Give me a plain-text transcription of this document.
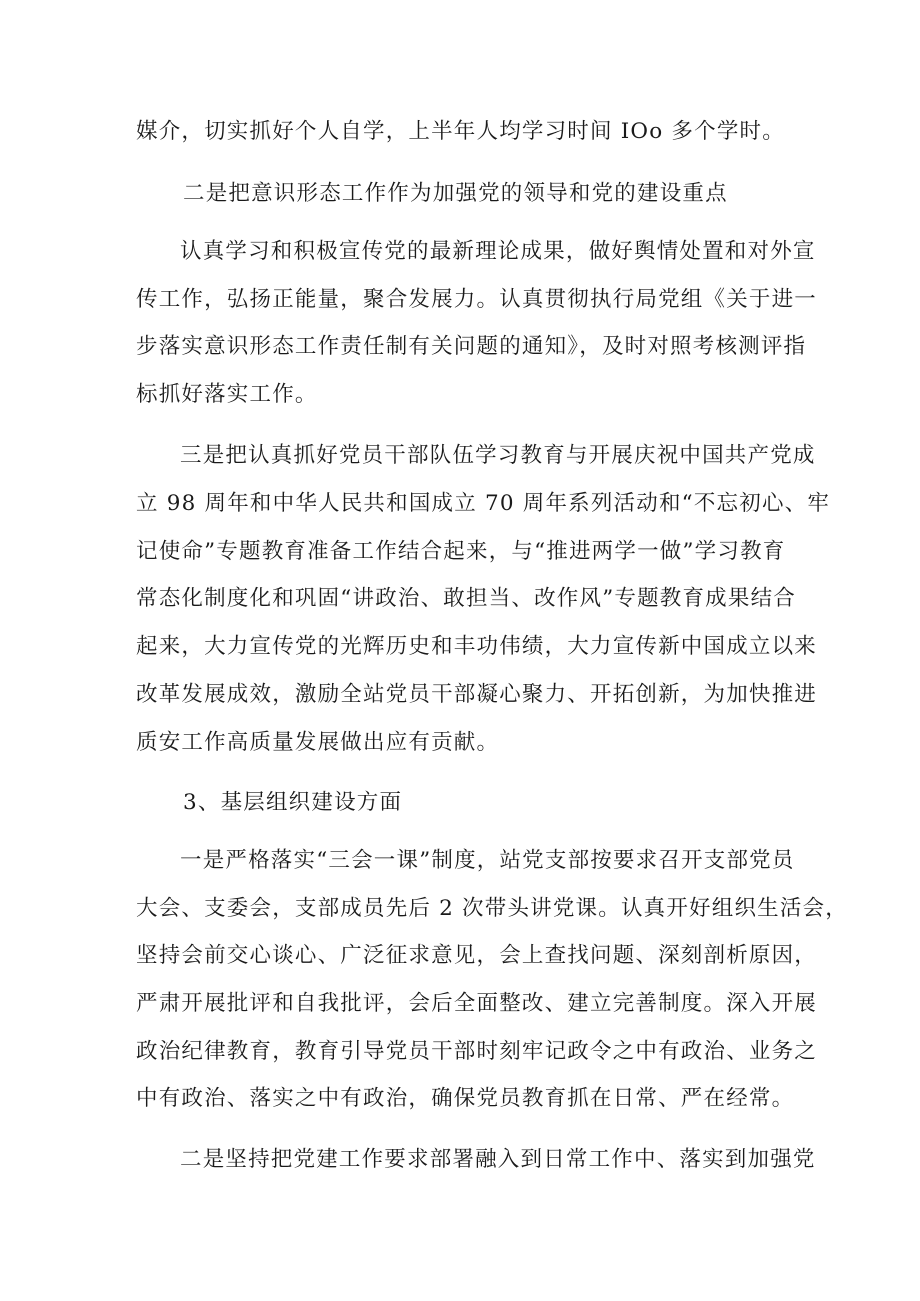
媒介，切实抓好个人自学，上半年人均学习时间 IOo 多个学时。
二是把意识形态工作作为加强党的领导和党的建设重点
认真学习和积极宣传党的最新理论成果，做好舆情处置和对外宣
传工作，弘扬正能量，聚合发展力。认真贯彻执行局党组《关于进一
步落实意识形态工作责任制有关问题的通知》，及时对照考核测评指
标抓好落实工作。
三是把认真抓好党员干部队伍学习教育与开展庆祝中国共产党成
立 98 周年和中华人民共和国成立 70 周年系列活动和“不忘初心、牢
记使命”专题教育准备工作结合起来，与“推进两学一做”学习教育
常态化制度化和巩固“讲政治、敢担当、改作风”专题教育成果结合
起来，大力宣传党的光辉历史和丰功伟绩，大力宣传新中国成立以来
改革发展成效，激励全站党员干部凝心聚力、开拓创新，为加快推进
质安工作高质量发展做出应有贡献。
3、基层组织建设方面
一是严格落实“三会一课”制度，站党支部按要求召开支部党员
大会、支委会，支部成员先后 2 次带头讲党课。认真开好组织生活会，
坚持会前交心谈心、广泛征求意见，会上查找问题、深刻剖析原因，
严肃开展批评和自我批评，会后全面整改、建立完善制度。深入开展
政治纪律教育，教育引导党员干部时刻牢记政令之中有政治、业务之
中有政治、落实之中有政治，确保党员教育抓在日常、严在经常。
二是坚持把党建工作要求部署融入到日常工作中、落实到加强党
